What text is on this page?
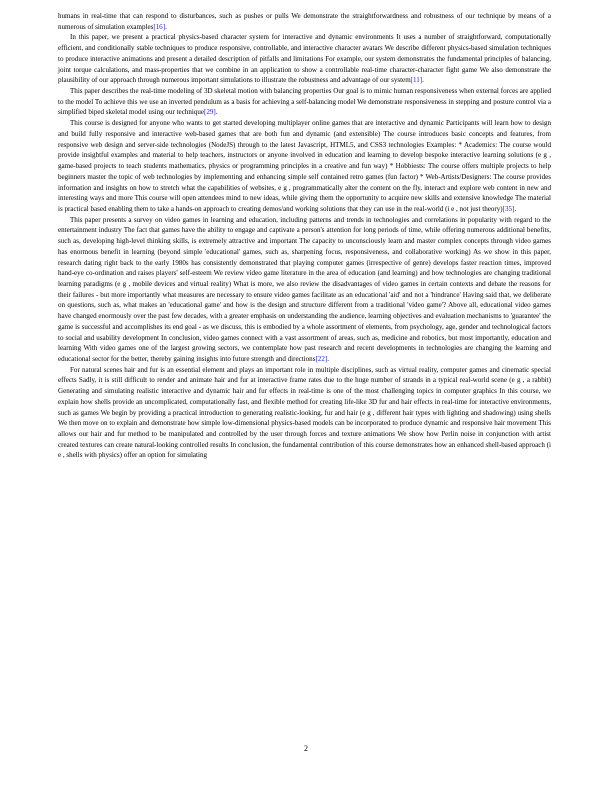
humans in real-time that can respond to disturbances, such as pushes or pulls We demonstrate the straightforwardness and robustness of our technique by means of a numerous of simulation examples[16].

In this paper, we present a practical physics-based character system for interactive and dynamic environments It uses a number of straightforward, computationally efficient, and conditionally stable techniques to produce responsive, controllable, and interactive character avatars We describe different physics-based simulation techniques to produce interactive animations and present a detailed description of pitfalls and limitations For example, our system demonstrates the fundamental principles of balancing, joint torque calculations, and mass-properties that we combine in an application to show a controllable real-time character-character fight game We also demonstrate the plausibility of our approach through numerous important simulations to illustrate the robustness and advantage of our system[11].

This paper describes the real-time modeling of 3D skeletal motion with balancing properties Our goal is to mimic human responsiveness when external forces are applied to the model To achieve this we use an inverted pendulum as a basis for achieving a self-balancing model We demonstrate responsiveness in stepping and posture control via a simplified biped skeletal model using our technique[29].

This course is designed for anyone who wants to get started developing multiplayer online games that are interactive and dynamic Participants will learn how to design and build fully responsive and interactive web-based games that are both fun and dynamic (and extensible) The course introduces basic concepts and features, from responsive web design and server-side technologies (NodeJS) through to the latest Javascript, HTML5, and CSS3 technologies Examples: * Academics: The course would provide insightful examples and material to help teachers, instructors or anyone involved in education and learning to develop bespoke interactive learning solutions (e g , game-based projects to teach students mathematics, physics or programming principles in a creative and fun way) * Hobbiests: The course offers multiple projects to help beginners master the topic of web technologies by implementing and enhancing simple self contained retro games (fun factor) * Web-Artists/Designers: The course provides information and insights on how to stretch what the capabilities of websites, e g , programmatically alter the content on the fly, interact and explore web content in new and interesting ways and more This course will open attendees mind to new ideas, while giving them the opportunity to acquire new skills and extensive knowledge The material is practical based enabling them to take a hands-on approach to creating demos/and working solutions that they can use in the real-world (i e , not just theory)[35].

This paper presents a survey on video games in learning and education, including patterns and trends in technologies and correlations in popularity with regard to the entertainment industry The fact that games have the ability to engage and captivate a person's attention for long periods of time, while offering numerous additional benefits, such as, developing high-level thinking skills, is extremely attractive and important The capacity to unconsciously learn and master complex concepts through video games has enormous benefit in learning (beyond simple 'educational' games, such as, sharpening focus, responsiveness, and collaborative working) As we show in this paper, research dating right back to the early 1980s has consistently demonstrated that playing computer games (irrespective of genre) develops faster reaction times, improved hand-eye co-ordination and raises players' self-esteem We review video game literature in the area of education (and learning) and how technologies are changing traditional learning paradigms (e g , mobile devices and virtual reality) What is more, we also review the disadvantages of video games in certain contexts and debate the reasons for their failures - but more importantly what measures are necessary to ensure video games facilitate as an educational 'aid' and not a 'hindrance' Having said that, we deliberate on questions, such as, what makes an 'educational game' and how is the design and structure different from a traditional 'video game'? Above all, educational video games have changed enormously over the past few decades, with a greater emphasis on understanding the audience, learning objectives and evaluation mechanisms to 'guarantee' the game is successful and accomplishes its end goal - as we discuss, this is embodied by a whole assortment of elements, from psychology, age, gender and technological factors to social and usability development In conclusion, video games connect with a vast assortment of areas, such as, medicine and robotics, but most importantly, education and learning With video games one of the largest growing sectors, we contemplate how past research and recent developments in technologies are changing the learning and educational sector for the better, thereby gaining insights into future strength and directions[22].

For natural scenes hair and fur is an essential element and plays an important role in multiple disciplines, such as virtual reality, computer games and cinematic special effects Sadly, it is still difficult to render and animate hair and fur at interactive frame rates due to the huge number of strands in a typical real-world scene (e g , a rabbit) Generating and simulating realistic interactive and dynamic hair and fur effects in real-time is one of the most challenging topics in computer graphics In this course, we explain how shells provide an uncomplicated, computationally fast, and flexible method for creating life-like 3D fur and hair effects in real-time for interactive environments, such as games We begin by providing a practical introduction to generating realistic-looking, fur and hair (e g , different hair types with lighting and shadowing) using shells We then move on to explain and demonstrate how simple low-dimensional physics-based models can be incorporated to produce dynamic and responsive hair movement This allows our hair and fur method to be manipulated and controlled by the user through forces and texture animations We show how Perlin noise in conjunction with artist created textures can create natural-looking controlled results In conclusion, the fundamental contribution of this course demonstrates how an enhanced shell-based approach (i e , shells with physics) offer an option for simulating

2
